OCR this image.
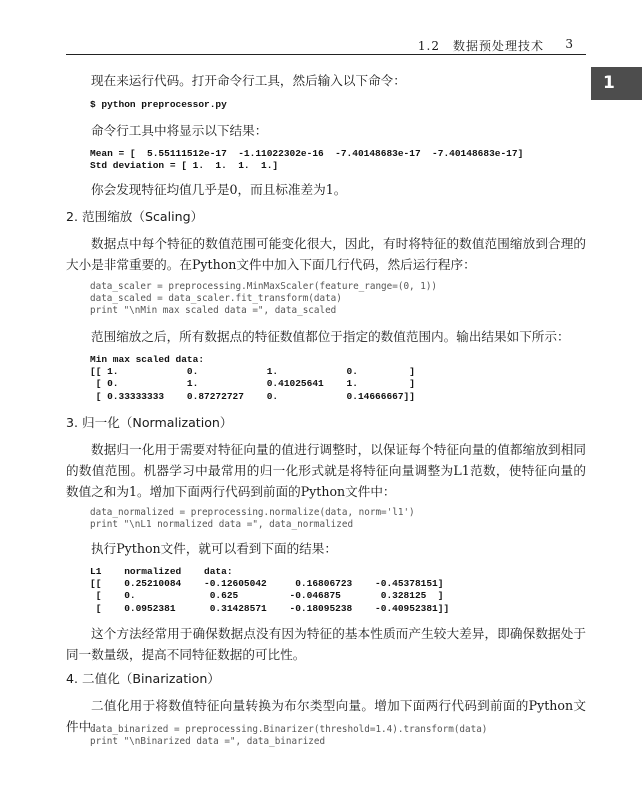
1.2　数据预处理技术 3
1

现在来运行代码。打开命令行工具，然后输入以下命令：

$ python preprocessor.py

命令行工具中将显示以下结果：

Mean = [  5.55111512e-17  -1.11022302e-16  -7.40148683e-17  -7.40148683e-17]
Std deviation = [ 1.  1.  1.  1.]

你会发现特征均值几乎是0，而且标准差为1。

2. 范围缩放（Scaling）

数据点中每个特征的数值范围可能变化很大，因此，有时将特征的数值范围缩放到合理的大小是非常重要的。在Python文件中加入下面几行代码，然后运行程序：

data_scaler = preprocessing.MinMaxScaler(feature_range=(0, 1))
data_scaled = data_scaler.fit_transform(data)
print "\nMin max scaled data =", data_scaled

范围缩放之后，所有数据点的特征数值都位于指定的数值范围内。输出结果如下所示：

Min max scaled data:
[[ 1.            0.            1.            0.         ]
[ 0.            1.            0.41025641    1.         ]
[ 0.33333333    0.87272727    0.            0.14666667]]
3. 归一化（Normalization）

数据归一化用于需要对特征向量的值进行调整时，以保证每个特征向量的值都缩放到相同的数值范围。机器学习中最常用的归一化形式就是将特征向量调整为L1范数，使特征向量的数值之和为1。增加下面两行代码到前面的Python文件中：

data_normalized = preprocessing.normalize(data, norm='l1')
print "\nL1 normalized data =", data_normalized

执行Python文件，就可以看到下面的结果：

L1    normalized    data:
[[    0.25210084    -0.12605042     0.16806723    -0.45378151]
[    0.             0.625         -0.046875       0.328125  ]
[    0.0952381      0.31428571    -0.18095238    -0.40952381]]

这个方法经常用于确保数据点没有因为特征的基本性质而产生较大差异，即确保数据处于同一数量级，提高不同特征数据的可比性。

4. 二值化（Binarization）

二值化用于将数值特征向量转换为布尔类型向量。增加下面两行代码到前面的Python文件中：

data_binarized = preprocessing.Binarizer(threshold=1.4).transform(data)
print "\nBinarized data =", data_binarized
